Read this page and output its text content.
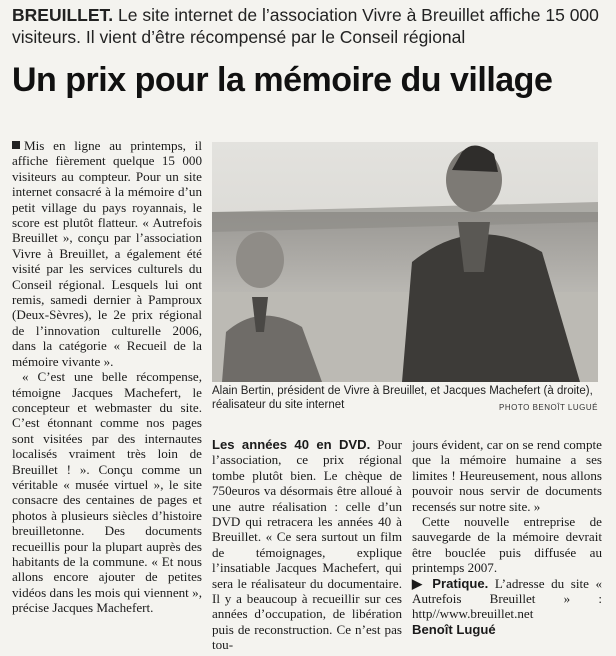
BREUILLET. Le site internet de l’association Vivre à Breuillet affiche 15 000 visiteurs. Il vient d’être récompensé par le Conseil régional
Un prix pour la mémoire du village

Mis en ligne au printemps, il affiche fièrement quelque 15 000 visiteurs au compteur. Pour un site internet consacré à la mémoire d’un petit village du pays royannais, le score est plutôt flatteur. « Autrefois Breuillet », conçu par l’association Vivre à Breuillet, a également été visité par les services culturels du Conseil régional. Lesquels lui ont remis, samedi dernier à Pamproux (Deux-Sèvres), le 2e prix régional de l’innovation culturelle 2006, dans la catégorie « Recueil de la mémoire vivante ».

« C’est une belle récompense, témoigne Jacques Machefert, le concepteur et webmaster du site. C’est étonnant comme nos pages sont visitées par des internautes localisés vraiment très loin de Breuillet ! ». Conçu comme un véritable « musée virtuel », le site consacre des centaines de pages et photos à plusieurs siècles d’histoire breuilletonne. Des documents recueillis pour la plupart auprès des habitants de la commune. « Et nous allons encore ajouter de petites vidéos dans les mois qui viennent », précise Jacques Machefert.

Alain Bertin, président de Vivre à Breuillet, et Jacques Machefert (à droite), réalisateur du site internet	PHOTO BENOÎT LUGUÉ

Les années 40 en DVD. Pour l’association, ce prix régional tombe plutôt bien. Le chèque de 750euros va désormais être alloué à une autre réalisation : celle d’un DVD qui retracera les années 40 à Breuillet. « Ce sera surtout un film de témoignages, explique l’insatiable Jacques Machefert, qui sera le réalisateur du documentaire. Il y a beaucoup à recueillir sur ces années d’occupation, de libération puis de reconstruction. Ce n’est pas tou-

jours évident, car on se rend compte que la mémoire humaine a ses limites ! Heureusement, nous allons pouvoir nous servir de documents recensés sur notre site. »

Cette nouvelle entreprise de sauvegarde de la mémoire devrait être bouclée puis diffusée au printemps 2007.

▶ Pratique. L’adresse du site « Autrefois Breuillet » : http//www.breuillet.net

Benoît Lugué
